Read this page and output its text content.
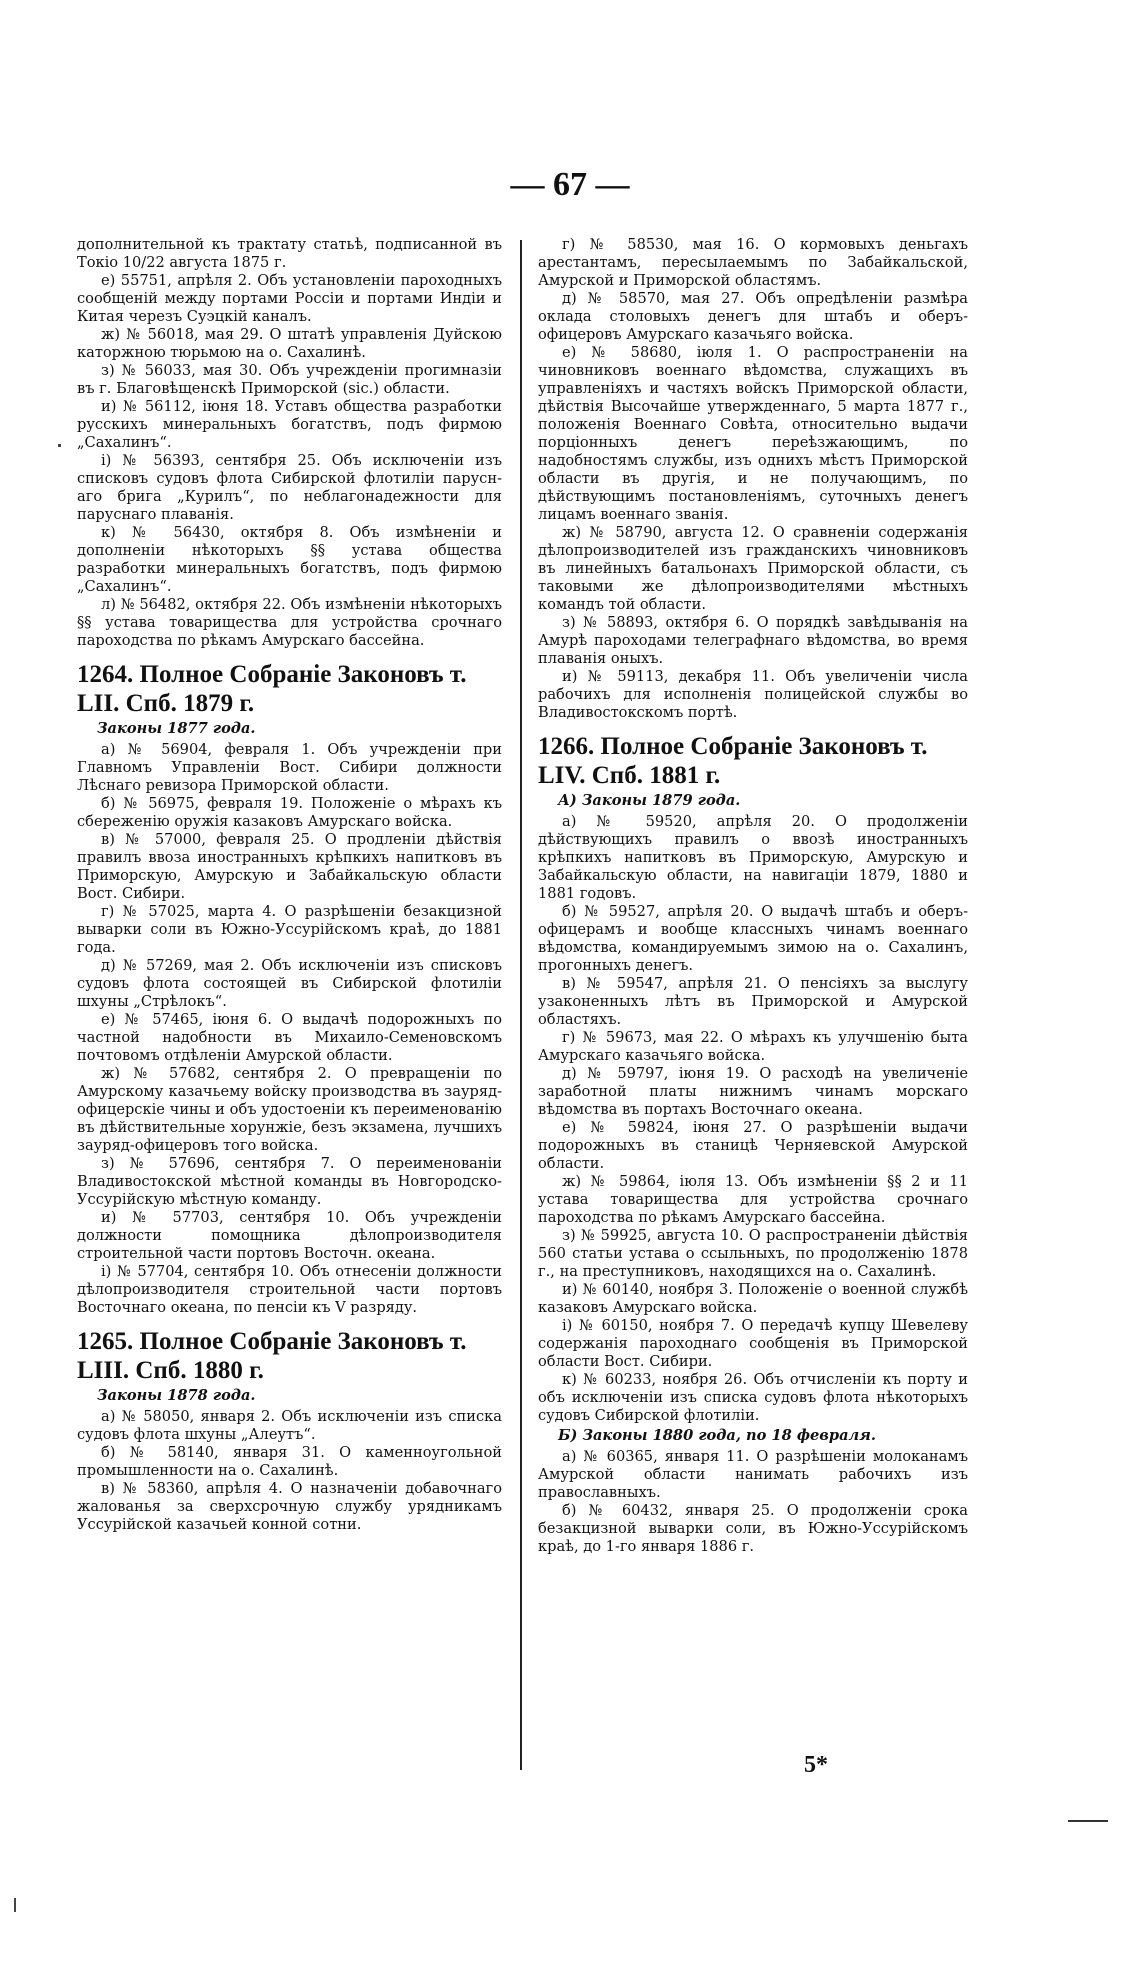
— 67 —

дополнительной къ трактату статьѣ, подписанной въ Токіо 10/22 августа 1875 г.

е) 55751, апрѣля 2. Объ установленіи пароходныхъ сообщеній между портами Россіи и портами Индіи и Китая черезъ Суэцкій каналъ.

ж) № 56018, мая 29. О штатѣ управленія Дуйскою каторжною тюрьмою на о. Сахалинѣ.

з) № 56033, мая 30. Объ учрежденіи прогимназіи въ г. Благовѣщенскѣ Приморской (sic.) области.

и) № 56112, іюня 18. Уставъ общества разработки русскихъ минеральныхъ богатствъ, подъ фирмою „Сахалинъ“.

і) № 56393, сентября 25. Объ исключеніи изъ списковъ судовъ флота Сибирской флотиліи паруснаго брига „Курилъ“, по неблагонадежности для паруснаго плаванія.

к) № 56430, октября 8. Объ измѣненіи и дополненіи нѣкоторыхъ §§ устава общества разработки минеральныхъ богатствъ, подъ фирмою „Сахалинъ“.

л) № 56482, октября 22. Объ измѣненіи нѣкоторыхъ §§ устава товарищества для устройства срочнаго пароходства по рѣкамъ Амурскаго бассейна.

1264. Полное Собраніе Законовъ т. LII. Спб. 1879 г.

Законы 1877 года.

а) № 56904, февраля 1. Объ учрежденіи при Главномъ Управленіи Вост. Сибири должности Лѣснаго ревизора Приморской области.

б) № 56975, февраля 19. Положеніе о мѣрахъ къ сбереженію оружія казаковъ Амурскаго войска.

в) № 57000, февраля 25. О продленіи дѣйствія правилъ ввоза иностранныхъ крѣпкихъ напитковъ въ Приморскую, Амурскую и Забайкальскую области Вост. Сибири.

г) № 57025, марта 4. О разрѣшеніи безакцизной выварки соли въ Южно-Уссурійскомъ краѣ, до 1881 года.

д) № 57269, мая 2. Объ исключеніи изъ списковъ судовъ флота состоящей въ Сибирской флотиліи шхуны „Стрѣлокъ“.

е) № 57465, іюня 6. О выдачѣ подорожныхъ по частной надобности въ Михаило-Семеновскомъ почтовомъ отдѣленіи Амурской области.

ж) № 57682, сентября 2. О превращеніи по Амурскому казачьему войску производства въ зауряд-офицерскіе чины и объ удостоеніи къ переименованію въ дѣйствительные хорунжіе, безъ экзамена, лучшихъ зауряд-офицеровъ того войска.

з) № 57696, сентября 7. О переименованіи Владивостокской мѣстной команды въ Новгородско-Уссурійскую мѣстную команду.

и) № 57703, сентября 10. Объ учрежденіи должности помощника дѣлопроизводителя строительной части портовъ Восточн. океана.

і) № 57704, сентября 10. Объ отнесеніи должности дѣлопроизводителя строительной части портовъ Восточнаго океана, по пенсіи къ V разряду.

1265. Полное Собраніе Законовъ т. LIII. Спб. 1880 г.

Законы 1878 года.

а) № 58050, января 2. Объ исключеніи изъ списка судовъ флота шхуны „Алеутъ“.

б) № 58140, января 31. О каменноугольной промышленности на о. Сахалинѣ.

в) № 58360, апрѣля 4. О назначеніи добавочнаго жалованья за сверхсрочную службу урядникамъ Уссурійской казачьей конной сотни.

г) № 58530, мая 16. О кормовыхъ деньгахъ арестантамъ, пересылаемымъ по Забайкальской, Амурской и Приморской областямъ.

д) № 58570, мая 27. Объ опредѣленіи размѣра оклада столовыхъ денегъ для штабъ и оберъ-офицеровъ Амурскаго казачьяго войска.

е) № 58680, іюля 1. О распространеніи на чиновниковъ военнаго вѣдомства, служащихъ въ управленіяхъ и частяхъ войскъ Приморской области, дѣйствія Высочайше утвержденнаго, 5 марта 1877 г., положенія Военнаго Совѣта, относительно выдачи порціонныхъ денегъ переѣзжающимъ, по надобностямъ службы, изъ однихъ мѣстъ Приморской области въ другія, и не получающимъ, по дѣйствующимъ постановленіямъ, суточныхъ денегъ лицамъ военнаго званія.

ж) № 58790, августа 12. О сравненіи содержанія дѣлопроизводителей изъ гражданскихъ чиновниковъ въ линейныхъ батальонахъ Приморской области, съ таковыми же дѣлопроизводителями мѣстныхъ командъ той области.

з) № 58893, октября 6. О порядкѣ завѣдыванія на Амурѣ пароходами телеграфнаго вѣдомства, во время плаванія оныхъ.

и) № 59113, декабря 11. Объ увеличеніи числа рабочихъ для исполненія полицейской службы во Владивостокскомъ портѣ.

1266. Полное Собраніе Законовъ т. LIV. Спб. 1881 г.

А) Законы 1879 года.

а) № 59520, апрѣля 20. О продолженіи дѣйствующихъ правилъ о ввозѣ иностранныхъ крѣпкихъ напитковъ въ Приморскую, Амурскую и Забайкальскую области, на навигаціи 1879, 1880 и 1881 годовъ.

б) № 59527, апрѣля 20. О выдачѣ штабъ и оберъ-офицерамъ и вообще классныхъ чинамъ военнаго вѣдомства, командируемымъ зимою на о. Сахалинъ, прогонныхъ денегъ.

в) № 59547, апрѣля 21. О пенсіяхъ за выслугу узаконенныхъ лѣтъ въ Приморской и Амурской областяхъ.

г) № 59673, мая 22. О мѣрахъ къ улучшенію быта Амурскаго казачьяго войска.

д) № 59797, іюня 19. О расходѣ на увеличеніе заработной платы нижнимъ чинамъ морскаго вѣдомства въ портахъ Восточнаго океана.

е) № 59824, іюня 27. О разрѣшеніи выдачи подорожныхъ въ станицѣ Черняевской Амурской области.

ж) № 59864, іюля 13. Объ измѣненіи §§ 2 и 11 устава товарищества для устройства срочнаго пароходства по рѣкамъ Амурскаго бассейна.

з) № 59925, августа 10. О распространеніи дѣйствія 560 статьи устава о ссыльныхъ, по продолженію 1878 г., на преступниковъ, находящихся на о. Сахалинѣ.

и) № 60140, ноября 3. Положеніе о военной службѣ казаковъ Амурскаго войска.

і) № 60150, ноября 7. О передачѣ купцу Шевелеву содержанія пароходнаго сообщенія въ Приморской области Вост. Сибири.

к) № 60233, ноября 26. Объ отчисленіи къ порту и объ исключеніи изъ списка судовъ флота нѣкоторыхъ судовъ Сибирской флотиліи.

Б) Законы 1880 года, по 18 февраля.

а) № 60365, января 11. О разрѣшеніи молоканамъ Амурской области нанимать рабочихъ изъ православныхъ.

б) № 60432, января 25. О продолженіи срока безакцизной выварки соли, въ Южно-Уссурійскомъ краѣ, до 1-го января 1886 г.

5*
